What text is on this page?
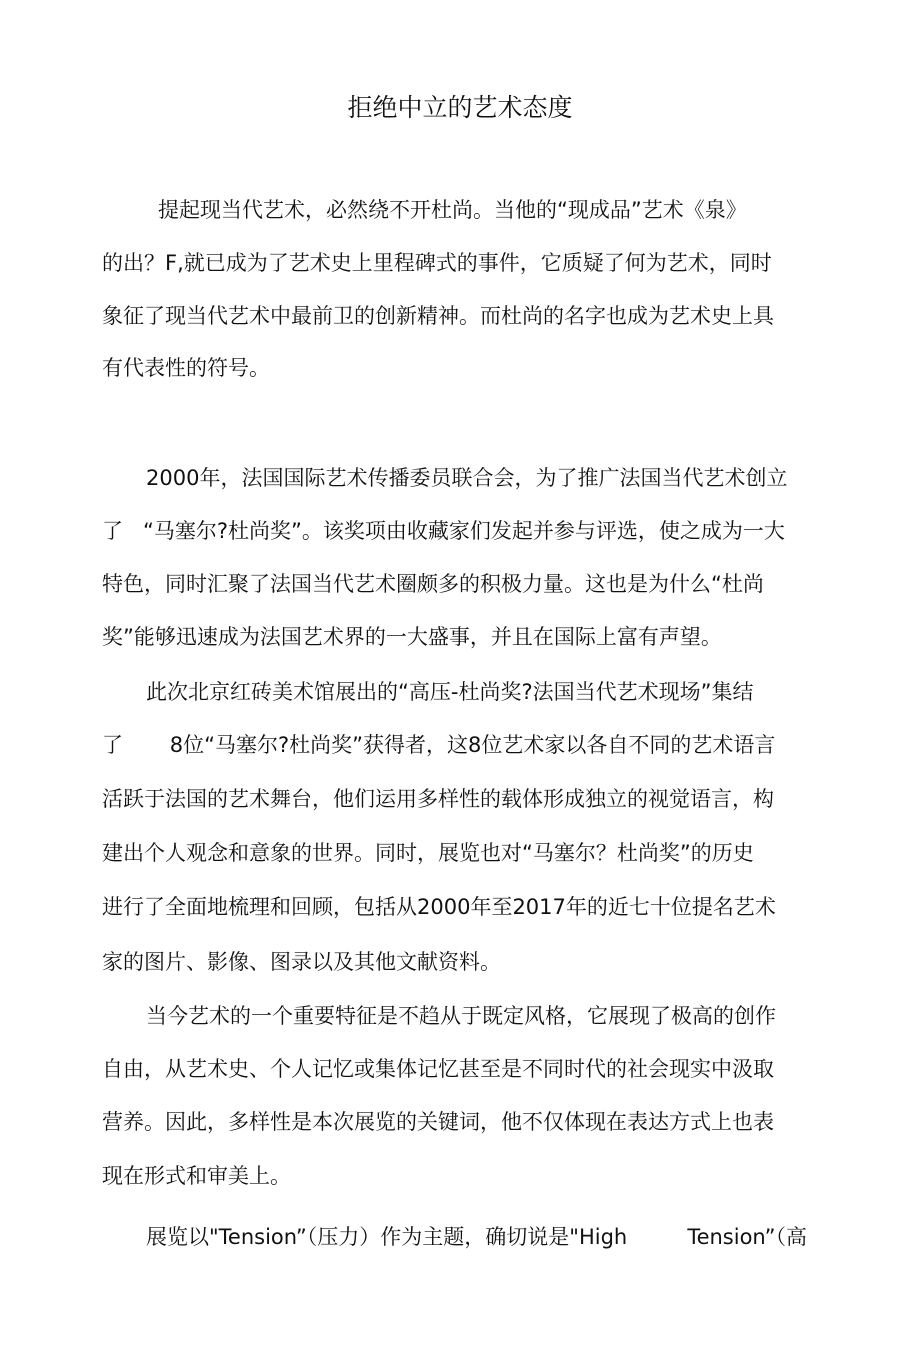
拒绝中立的艺术态度
提起现当代艺术，必然绕不开杜尚。当他的“现成品”艺术《泉》
的出？F,就已成为了艺术史上里程碑式的事件，它质疑了何为艺术，同时
象征了现当代艺术中最前卫的创新精神。而杜尚的名字也成为艺术史上具
有代表性的符号。
2000年，法国国际艺术传播委员联合会，为了推广法国当代艺术创立
了   “马塞尔?杜尚奖”。该奖项由收藏家们发起并参与评选，使之成为一大
特色，同时汇聚了法国当代艺术圈颇多的积极力量。这也是为什么“杜尚
奖”能够迅速成为法国艺术界的一大盛事，并且在国际上富有声望。
此次北京红砖美术馆展出的“高压-杜尚奖?法国当代艺术现场”集结
了       8位“马塞尔?杜尚奖”获得者，这8位艺术家以各自不同的艺术语言
活跃于法国的艺术舞台，他们运用多样性的载体形成独立的视觉语言，构
建出个人观念和意象的世界。同时，展览也对“马塞尔？杜尚奖”的历史
进行了全面地梳理和回顾，包括从2000年至2017年的近七十位提名艺术
家的图片、影像、图录以及其他文献资料。
当今艺术的一个重要特征是不趋从于既定风格，它展现了极高的创作
自由，从艺术史、个人记忆或集体记忆甚至是不同时代的社会现实中汲取
营养。因此，多样性是本次展览的关键词，他不仅体现在表达方式上也表
现在形式和审美上。
展览以"Tension”（压力）作为主题，确切说是"High         Tension”（高
